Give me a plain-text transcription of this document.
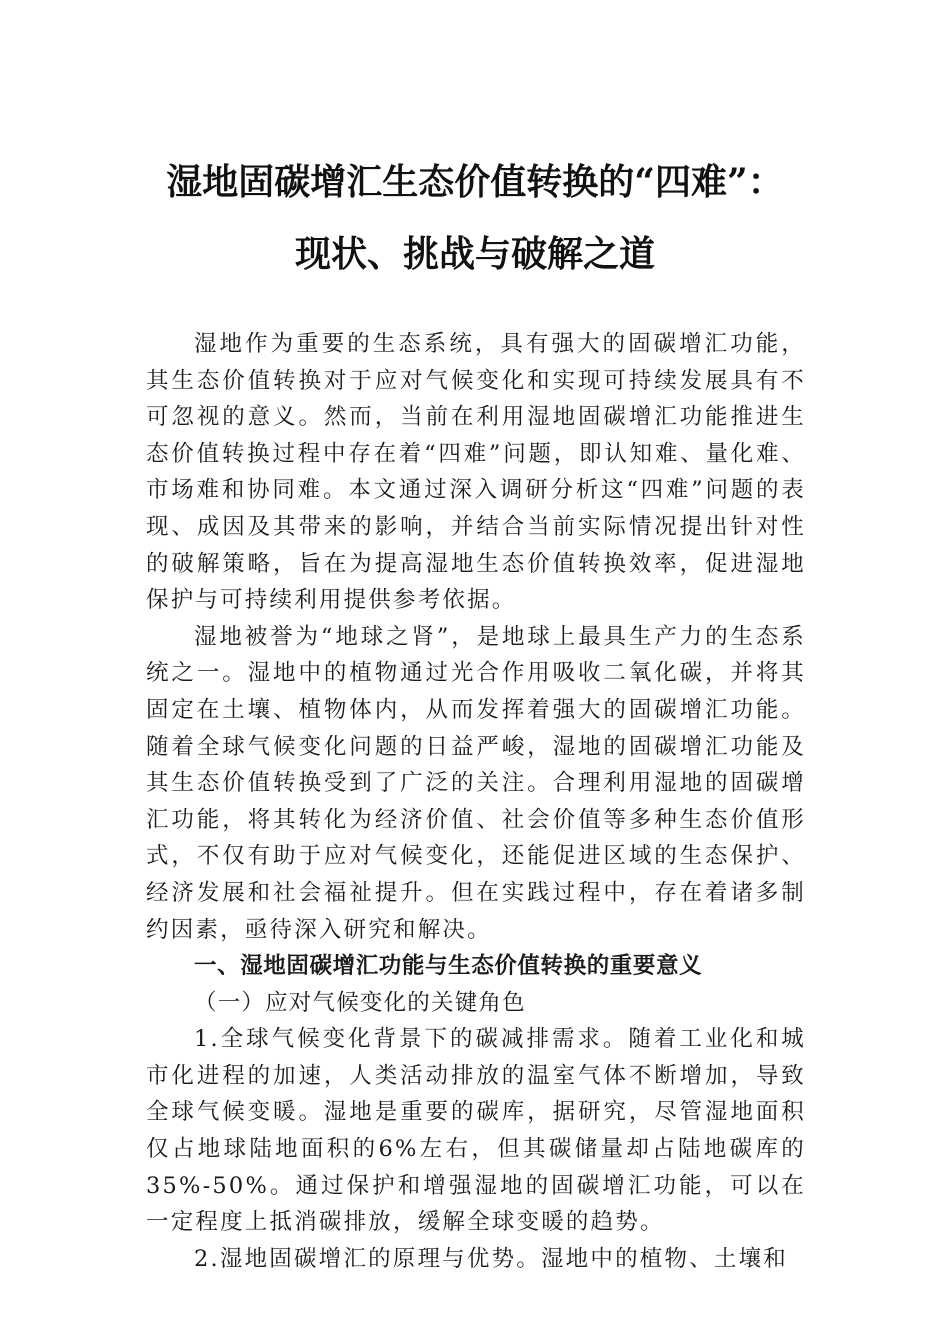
湿地固碳增汇生态价值转换的“四难”：
现状、挑战与破解之道

湿地作为重要的生态系统，具有强大的固碳增汇功能，其生态价值转换对于应对气候变化和实现可持续发展具有不可忽视的意义。然而，当前在利用湿地固碳增汇功能推进生态价值转换过程中存在着“四难”问题，即认知难、量化难、市场难和协同难。本文通过深入调研分析这“四难”问题的表现、成因及其带来的影响，并结合当前实际情况提出针对性的破解策略，旨在为提高湿地生态价值转换效率，促进湿地保护与可持续利用提供参考依据。

湿地被誉为“地球之肾”，是地球上最具生产力的生态系统之一。湿地中的植物通过光合作用吸收二氧化碳，并将其固定在土壤、植物体内，从而发挥着强大的固碳增汇功能。随着全球气候变化问题的日益严峻，湿地的固碳增汇功能及其生态价值转换受到了广泛的关注。合理利用湿地的固碳增汇功能，将其转化为经济价值、社会价值等多种生态价值形式，不仅有助于应对气候变化，还能促进区域的生态保护、经济发展和社会福祉提升。但在实践过程中，存在着诸多制约因素，亟待深入研究和解决。

一、湿地固碳增汇功能与生态价值转换的重要意义

（一）应对气候变化的关键角色

1.全球气候变化背景下的碳减排需求。随着工业化和城市化进程的加速，人类活动排放的温室气体不断增加，导致全球气候变暖。湿地是重要的碳库，据研究，尽管湿地面积仅占地球陆地面积的6%左右，但其碳储量却占陆地碳库的35%-50%。通过保护和增强湿地的固碳增汇功能，可以在一定程度上抵消碳排放，缓解全球变暖的趋势。

2.湿地固碳增汇的原理与优势。湿地中的植物、土壤和
